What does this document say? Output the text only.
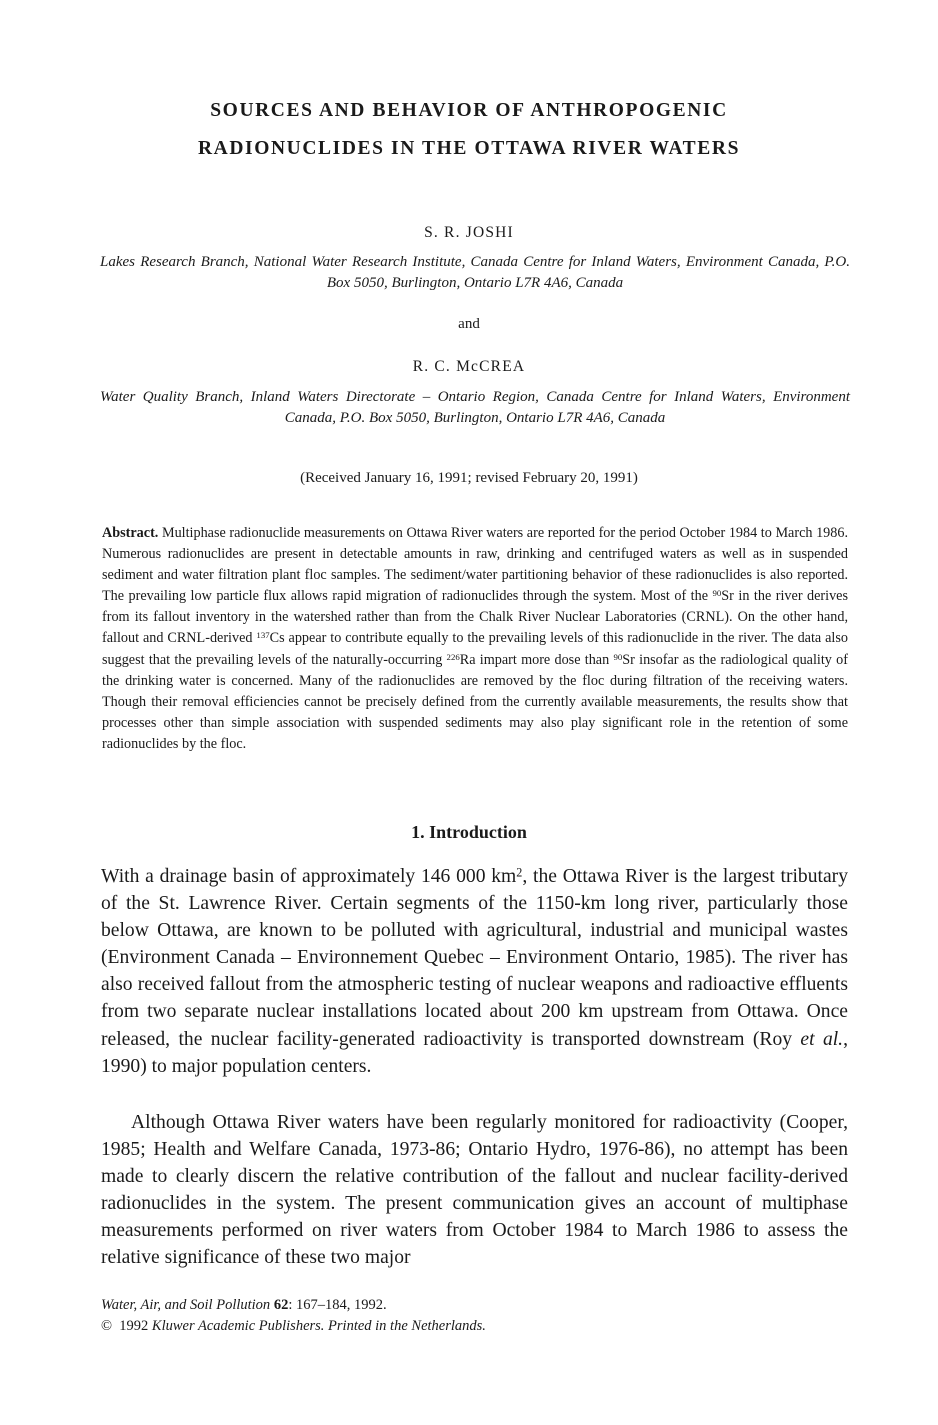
SOURCES AND BEHAVIOR OF ANTHROPOGENIC
RADIONUCLIDES IN THE OTTAWA RIVER WATERS

S. R. JOSHI

Lakes Research Branch, National Water Research Institute, Canada Centre for Inland Waters, Environment Canada, P.O. Box 5050, Burlington, Ontario L7R 4A6, Canada

and

R. C. McCREA

Water Quality Branch, Inland Waters Directorate – Ontario Region, Canada Centre for Inland Waters, Environment Canada, P.O. Box 5050, Burlington, Ontario L7R 4A6, Canada

(Received January 16, 1991; revised February 20, 1991)

Abstract. Multiphase radionuclide measurements on Ottawa River waters are reported for the period October 1984 to March 1986. Numerous radionuclides are present in detectable amounts in raw, drinking and centrifuged waters as well as in suspended sediment and water filtration plant floc samples. The sediment/water partitioning behavior of these radionuclides is also reported. The prevailing low particle flux allows rapid migration of radionuclides through the system. Most of the $^{90}$Sr in the river derives from its fallout inventory in the watershed rather than from the Chalk River Nuclear Laboratories (CRNL). On the other hand, fallout and CRNL-derived $^{137}$Cs appear to contribute equally to the prevailing levels of this radionuclide in the river. The data also suggest that the prevailing levels of the naturally-occurring $^{226}$Ra impart more dose than $^{90}$Sr insofar as the radiological quality of the drinking water is concerned. Many of the radionuclides are removed by the floc during filtration of the receiving waters. Though their removal efficiencies cannot be precisely defined from the currently available measurements, the results show that processes other than simple association with suspended sediments may also play significant role in the retention of some radionuclides by the floc.

1. Introduction

With a drainage basin of approximately 146 000 $km^2$, the Ottawa River is the largest tributary of the St. Lawrence River. Certain segments of the 1150-km long river, particularly those below Ottawa, are known to be polluted with agricultural, industrial and municipal wastes (Environment Canada – Environnement Quebec – Environment Ontario, 1985). The river has also received fallout from the atmospheric testing of nuclear weapons and radioactive effluents from two separate nuclear installations located about 200 km upstream from Ottawa. Once released, the nuclear facility-generated radioactivity is transported downstream (Roy et al., 1990) to major population centers.

Although Ottawa River waters have been regularly monitored for radioactivity (Cooper, 1985; Health and Welfare Canada, 1973-86; Ontario Hydro, 1976-86), no attempt has been made to clearly discern the relative contribution of the fallout and nuclear facility-derived radionuclides in the system. The present communication gives an account of multiphase measurements performed on river waters from October 1984 to March 1986 to assess the relative significance of these two major

Water, Air, and Soil Pollution 62: 167–184, 1992.

© 1992 Kluwer Academic Publishers. Printed in the Netherlands.
